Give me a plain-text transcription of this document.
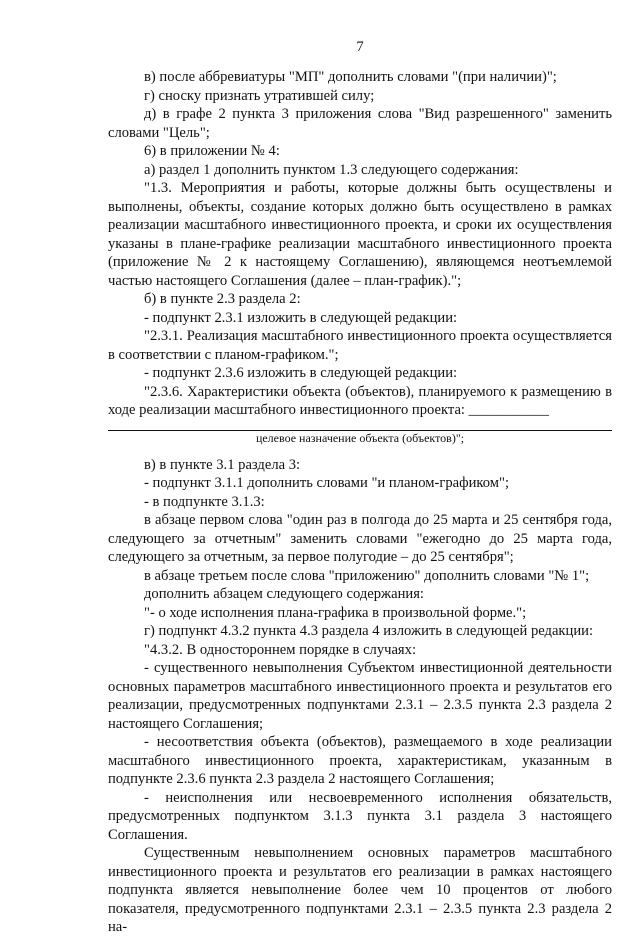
7

в) после аббревиатуры "МП" дополнить словами "(при наличии)";

г) сноску признать утратившей силу;

д) в графе 2 пункта 3 приложения слова "Вид разрешенного" заменить словами "Цель";

6) в приложении № 4:

а) раздел 1 дополнить пунктом 1.3 следующего содержания:

"1.3. Мероприятия и работы, которые должны быть осуществлены и выполнены, объекты, создание которых должно быть осуществлено в рамках реализации масштабного инвестиционного проекта, и сроки их осуществления указаны в плане-графике реализации масштабного инвестиционного проекта (приложение № 2 к настоящему Соглашению), являющемся неотъемлемой частью настоящего Соглашения (далее – план-график).";

б) в пункте 2.3 раздела 2:

- подпункт 2.3.1 изложить в следующей редакции:

"2.3.1. Реализация масштабного инвестиционного проекта осуществляется в соответствии с планом-графиком.";

- подпункт 2.3.6 изложить в следующей редакции:

"2.3.6. Характеристики объекта (объектов), планируемого к размещению в ходе реализации масштабного инвестиционного проекта: ___________

целевое назначение объекта (объектов)";

в) в пункте 3.1 раздела 3:

- подпункт 3.1.1 дополнить словами "и планом-графиком";

- в подпункте 3.1.3:

в абзаце первом слова "один раз в полгода до 25 марта и 25 сентября года, следующего за отчетным" заменить словами "ежегодно до 25 марта года, следующего за отчетным, за первое полугодие – до 25 сентября";

в абзаце третьем после слова "приложению" дополнить словами "№ 1";

дополнить абзацем следующего содержания:

"- о ходе исполнения плана-графика в произвольной форме.";

г) подпункт 4.3.2 пункта 4.3 раздела 4 изложить в следующей редакции:

"4.3.2. В одностороннем порядке в случаях:

- существенного невыполнения Субъектом инвестиционной деятельности основных параметров масштабного инвестиционного проекта и результатов его реализации, предусмотренных подпунктами 2.3.1 – 2.3.5 пункта 2.3 раздела 2 настоящего Соглашения;

- несоответствия объекта (объектов), размещаемого в ходе реализации масштабного инвестиционного проекта, характеристикам, указанным в подпункте 2.3.6 пункта 2.3 раздела 2 настоящего Соглашения;

- неисполнения или несвоевременного исполнения обязательств, предусмотренных подпунктом 3.1.3 пункта 3.1 раздела 3 настоящего Соглашения.

Существенным невыполнением основных параметров масштабного инвестиционного проекта и результатов его реализации в рамках настоящего подпункта является невыполнение более чем 10 процентов от любого показателя, предусмотренного подпунктами 2.3.1 – 2.3.5 пункта 2.3 раздела 2 на-
